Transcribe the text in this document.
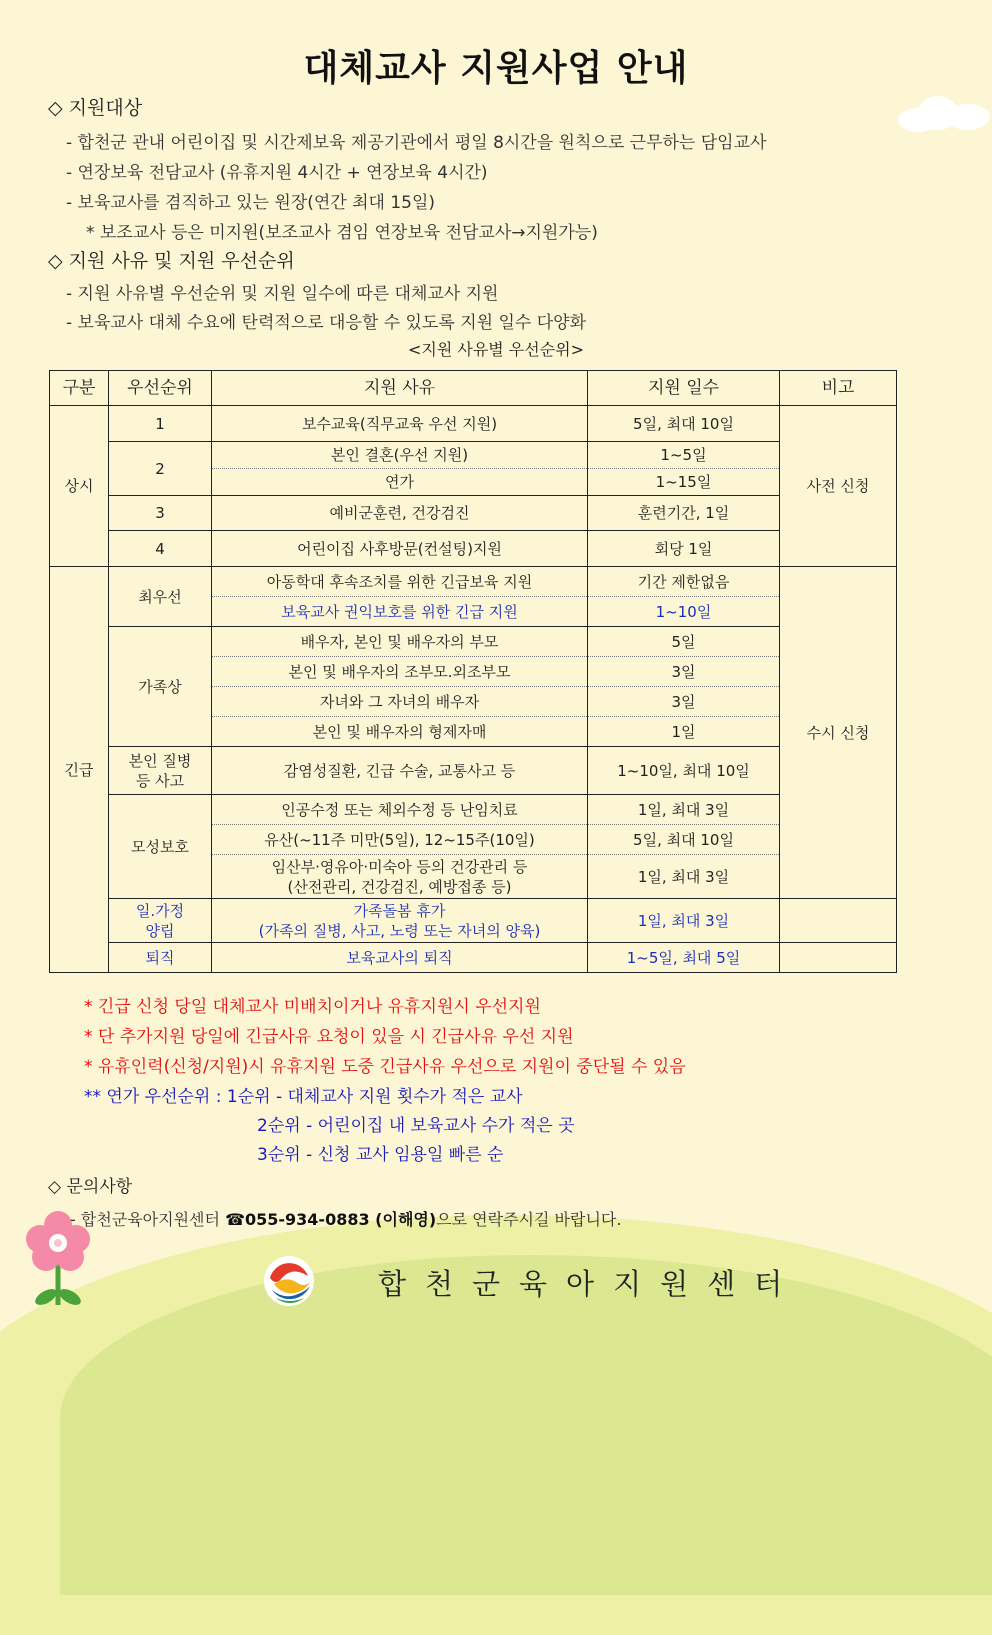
대체교사 지원사업 안내
◇ 지원대상
- 합천군 관내 어린이집 및 시간제보육 제공기관에서 평일 8시간을 원칙으로 근무하는 담임교사
- 연장보육 전담교사 (유휴지원 4시간 + 연장보육 4시간)
- 보육교사를 겸직하고 있는 원장(연간 최대 15일)
* 보조교사 등은 미지원(보조교사 겸임 연장보육 전담교사→지원가능)
◇ 지원 사유 및 지원 우선순위
- 지원 사유별 우선순위 및 지원 일수에 따른 대체교사 지원
- 보육교사 대체 수요에 탄력적으로 대응할 수 있도록 지원 일수 다양화
<지원 사유별 우선순위>
구분	우선순위	지원 사유	지원 일수	비고
상시	1	보수교육(직무교육 우선 지원)	5일, 최대 10일	사전 신청
	2	본인 결혼(우선 지원)	1~5일	
		연가	1~15일	
	3	예비군훈련, 건강검진	훈련기간, 1일	
	4	어린이집 사후방문(컨설팅)지원	회당 1일	

긴급	최우선	아동학대 후속조치를 위한 긴급보육 지원	기간 제한없음	수시 신청
		보육교사 권익보호를 위한 긴급 지원	1~10일	
	가족상	배우자, 본인 및 배우자의 부모	5일	
		본인 및 배우자의 조부모.외조부모	3일	
		자녀와 그 자녀의 배우자	3일	
		본인 및 배우자의 형제자매	1일	
	본인 질병
등 사고	감염성질환, 긴급 수술, 교통사고 등	1~10일, 최대 10일	
	모성보호	인공수정 또는 체외수정 등 난임치료	1일, 최대 3일	
		유산(~11주 미만(5일), 12~15주(10일)	5일, 최대 10일	
		임산부·영유아·미숙아 등의 건강관리 등
(산전관리, 건강검진, 예방접종 등)	1일, 최대 3일	

	일.가정
양립	가족돌봄 휴가
(가족의 질병, 사고, 노령 또는 자녀의 양육)	1일, 최대 3일	
	퇴직	보육교사의 퇴직	1~5일, 최대 5일	
* 긴급 신청 당일 대체교사 미배치이거나 유휴지원시 우선지원
* 단 추가지원 당일에 긴급사유 요청이 있을 시 긴급사유 우선 지원
* 유휴인력(신청/지원)시 유휴지원 도중 긴급사유 우선으로 지원이 중단될 수 있음
** 연가 우선순위 : 1순위 - 대체교사 지원 횟수가 적은 교사
2순위 - 어린이집 내 보육교사 수가 적은 곳
3순위 - 신청 교사 임용일 빠른 순
◇ 문의사항
- 합천군육아지원센터 ☎055-934-0883 (이해영)으로 연락주시길 바랍니다.
합천군육아지원센터
